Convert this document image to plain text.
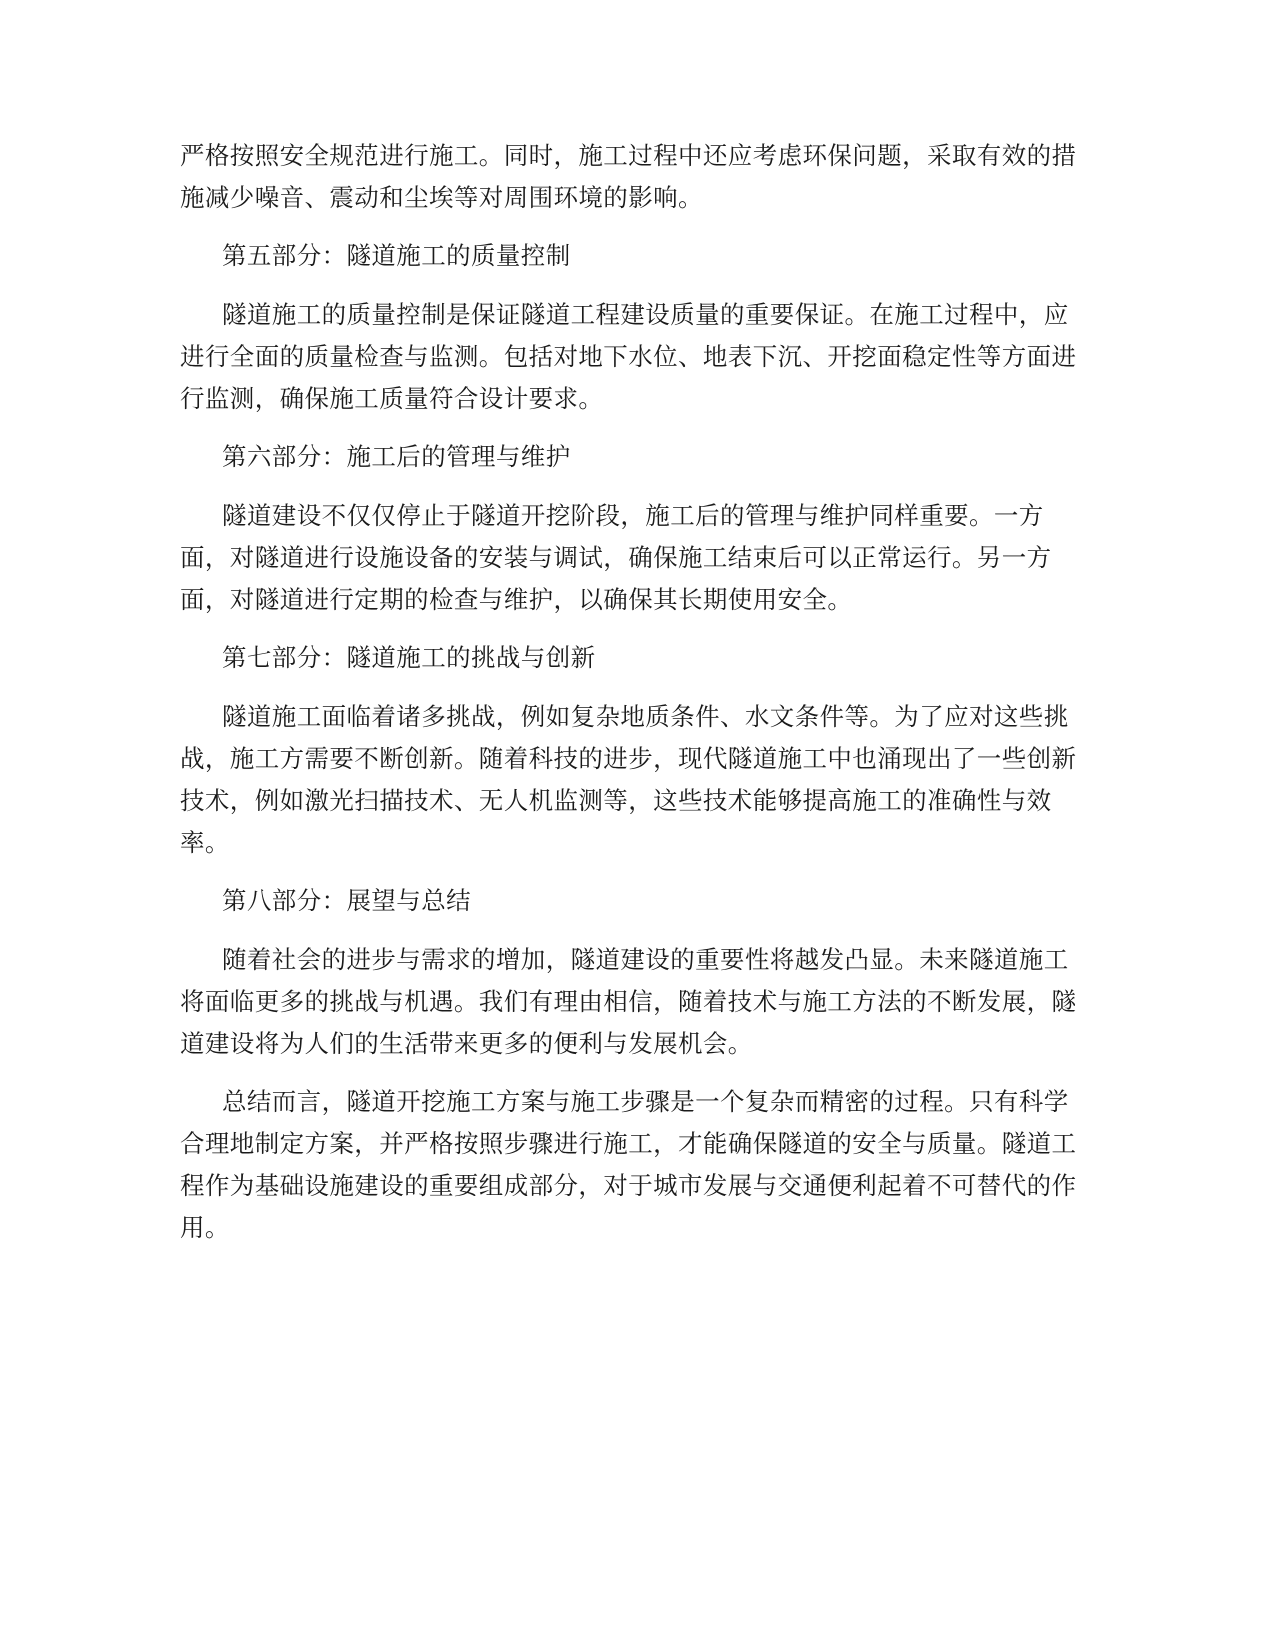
严格按照安全规范进行施工。同时，施工过程中还应考虑环保问题，采取有效的措
施减少噪音、震动和尘埃等对周围环境的影响。
第五部分：隧道施工的质量控制
隧道施工的质量控制是保证隧道工程建设质量的重要保证。在施工过程中，应
进行全面的质量检查与监测。包括对地下水位、地表下沉、开挖面稳定性等方面进
行监测，确保施工质量符合设计要求。
第六部分：施工后的管理与维护
隧道建设不仅仅停止于隧道开挖阶段，施工后的管理与维护同样重要。一方
面，对隧道进行设施设备的安装与调试，确保施工结束后可以正常运行。另一方
面，对隧道进行定期的检查与维护，以确保其长期使用安全。
第七部分：隧道施工的挑战与创新
隧道施工面临着诸多挑战，例如复杂地质条件、水文条件等。为了应对这些挑
战，施工方需要不断创新。随着科技的进步，现代隧道施工中也涌现出了一些创新
技术，例如激光扫描技术、无人机监测等，这些技术能够提高施工的准确性与效
率。
第八部分：展望与总结
随着社会的进步与需求的增加，隧道建设的重要性将越发凸显。未来隧道施工
将面临更多的挑战与机遇。我们有理由相信，随着技术与施工方法的不断发展，隧
道建设将为人们的生活带来更多的便利与发展机会。
总结而言，隧道开挖施工方案与施工步骤是一个复杂而精密的过程。只有科学
合理地制定方案，并严格按照步骤进行施工，才能确保隧道的安全与质量。隧道工
程作为基础设施建设的重要组成部分，对于城市发展与交通便利起着不可替代的作
用。
